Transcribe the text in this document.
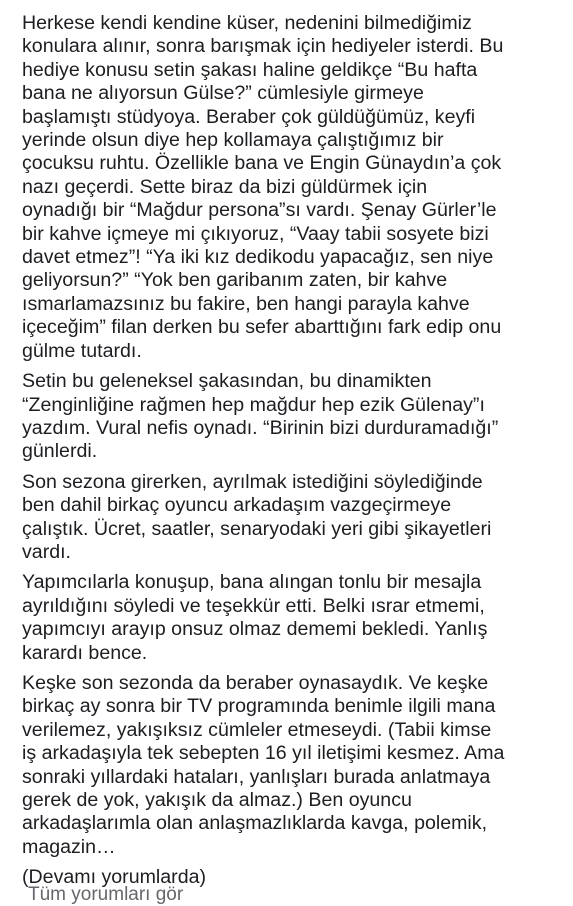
Herkese kendi kendine küser, nedenini bilmediğimiz
konulara alınır, sonra barışmak için hediyeler isterdi. Bu
hediye konusu setin şakası haline geldikçe “Bu hafta
bana ne alıyorsun Gülse?” cümlesiyle girmeye
başlamıştı stüdyoya. Beraber çok güldüğümüz, keyfi
yerinde olsun diye hep kollamaya çalıştığımız bir
çocuksu ruhtu. Özellikle bana ve Engin Günaydın’a çok
nazı geçerdi. Sette biraz da bizi güldürmek için
oynadığı bir “Mağdur persona”sı vardı. Şenay Gürler’le
bir kahve içmeye mi çıkıyoruz, “Vaay tabii sosyete bizi
davet etmez”! “Ya iki kız dedikodu yapacağız, sen niye
geliyorsun?” “Yok ben garibanım zaten, bir kahve
ısmarlamazsınız bu fakire, ben hangi parayla kahve
içeceğim” filan derken bu sefer abarttığını fark edip onu
gülme tutardı.
Setin bu geleneksel şakasından, bu dinamikten
“Zenginliğine rağmen hep mağdur hep ezik Gülenay”ı
yazdım. Vural nefis oynadı. “Birinin bizi durduramadığı”
günlerdi.
Son sezona girerken, ayrılmak istediğini söylediğinde
ben dahil birkaç oyuncu arkadaşım vazgeçirmeye
çalıştık. Ücret, saatler, senaryodaki yeri gibi şikayetleri
vardı.
Yapımcılarla konuşup, bana alıngan tonlu bir mesajla
ayrıldığını söyledi ve teşekkür etti. Belki ısrar etmemi,
yapımcıyı arayıp onsuz olmaz dememi bekledi. Yanlış
karardı bence.
Keşke son sezonda da beraber oynasaydık. Ve keşke
birkaç ay sonra bir TV programında benimle ilgili mana
verilemez, yakışıksız cümleler etmeseydi. (Tabii kimse
iş arkadaşıyla tek sebepten 16 yıl iletişimi kesmez. Ama
sonraki yıllardaki hataları, yanlışları burada anlatmaya
gerek de yok, yakışık da almaz.) Ben oyuncu
arkadaşlarımla olan anlaşmazlıklarda kavga, polemik,
magazin…
(Devamı yorumlarda)
Tüm yorumları gör
